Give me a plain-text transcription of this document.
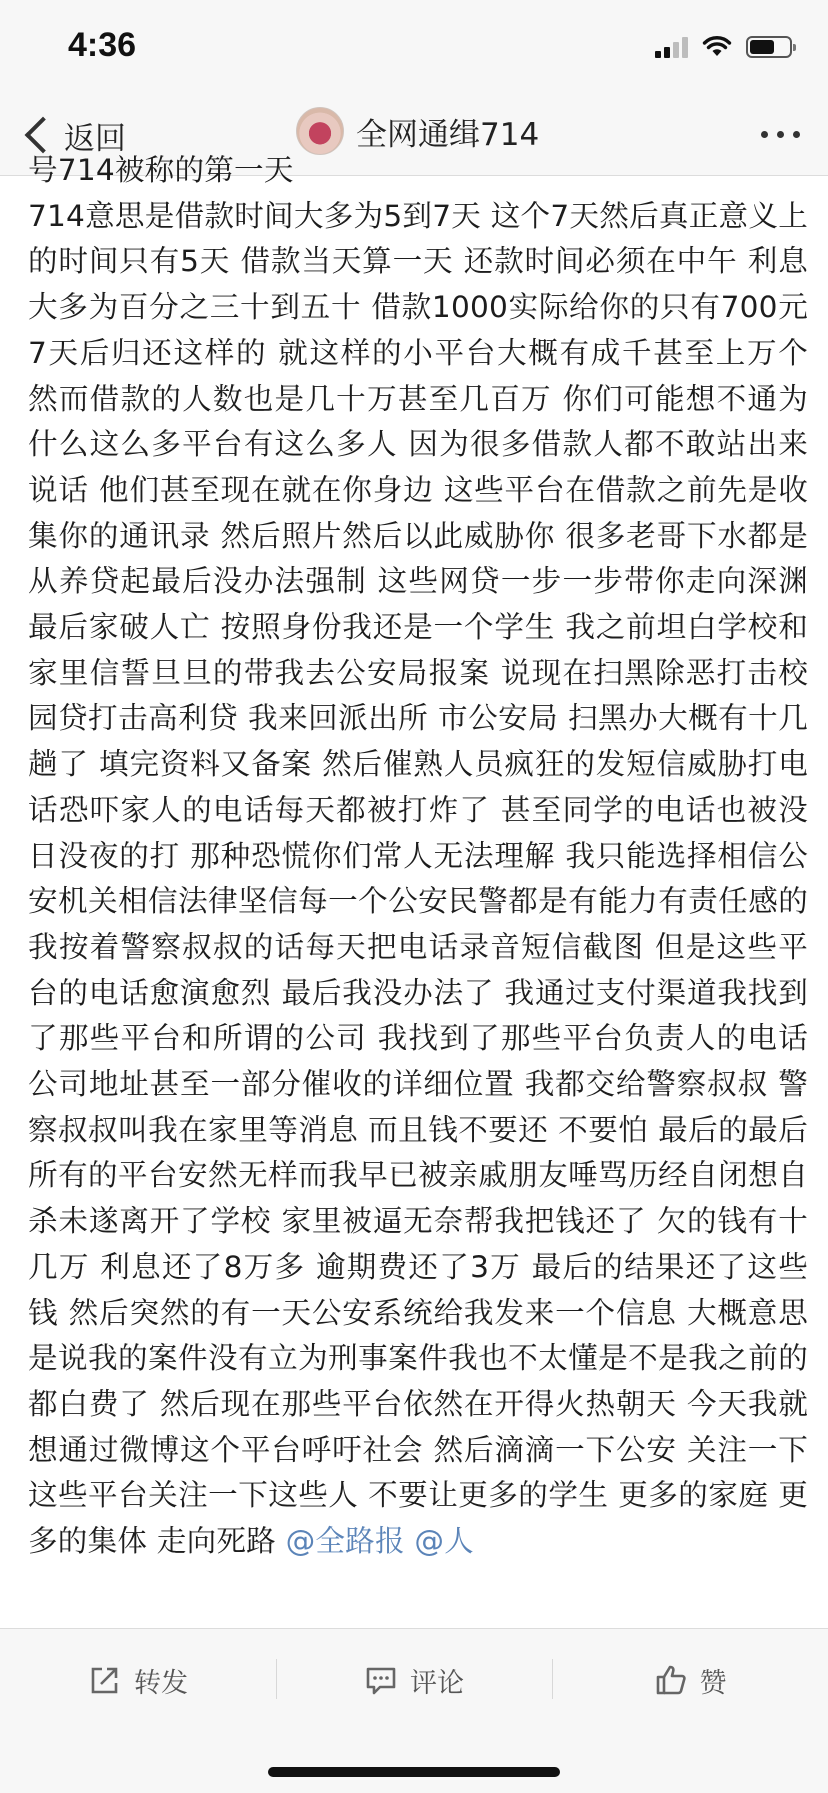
4:36
返回	全网通缉714
号714被称的第一天
714意思是借款时间大多为5到7天 这个7天然后真正意义上的时间只有5天 借款当天算一天 还款时间必须在中午 利息大多为百分之三十到五十 借款1000实际给你的只有700元 7天后归还这样的 就这样的小平台大概有成千甚至上万个 然而借款的人数也是几十万甚至几百万 你们可能想不通为什么这么多平台有这么多人 因为很多借款人都不敢站出来说话 他们甚至现在就在你身边 这些平台在借款之前先是收集你的通讯录 然后照片然后以此威胁你 很多老哥下水都是从养贷起最后没办法强制 这些网贷一步一步带你走向深渊最后家破人亡 按照身份我还是一个学生 我之前坦白学校和家里信誓旦旦的带我去公安局报案 说现在扫黑除恶打击校园贷打击高利贷 我来回派出所 市公安局 扫黑办大概有十几趟了 填完资料又备案 然后催熟人员疯狂的发短信威胁打电话恐吓家人的电话每天都被打炸了 甚至同学的电话也被没日没夜的打 那种恐慌你们常人无法理解 我只能选择相信公安机关相信法律坚信每一个公安民警都是有能力有责任感的 我按着警察叔叔的话每天把电话录音短信截图 但是这些平台的电话愈演愈烈 最后我没办法了 我通过支付渠道我找到了那些平台和所谓的公司 我找到了那些平台负责人的电话公司地址甚至一部分催收的详细位置 我都交给警察叔叔 警察叔叔叫我在家里等消息 而且钱不要还 不要怕 最后的最后所有的平台安然无样而我早已被亲戚朋友唾骂历经自闭想自杀未遂离开了学校 家里被逼无奈帮我把钱还了 欠的钱有十几万 利息还了8万多 逾期费还了3万 最后的结果还了这些钱 然后突然的有一天公安系统给我发来一个信息 大概意思是说我的案件没有立为刑事案件我也不太懂是不是我之前的都白费了 然后现在那些平台依然在开得火热朝天 今天我就想通过微博这个平台呼吁社会 然后滴滴一下公安 关注一下这些平台关注一下这些人 不要让更多的学生 更多的家庭 更多的集体 走向死路 @全路报 @人
转发	评论	赞
